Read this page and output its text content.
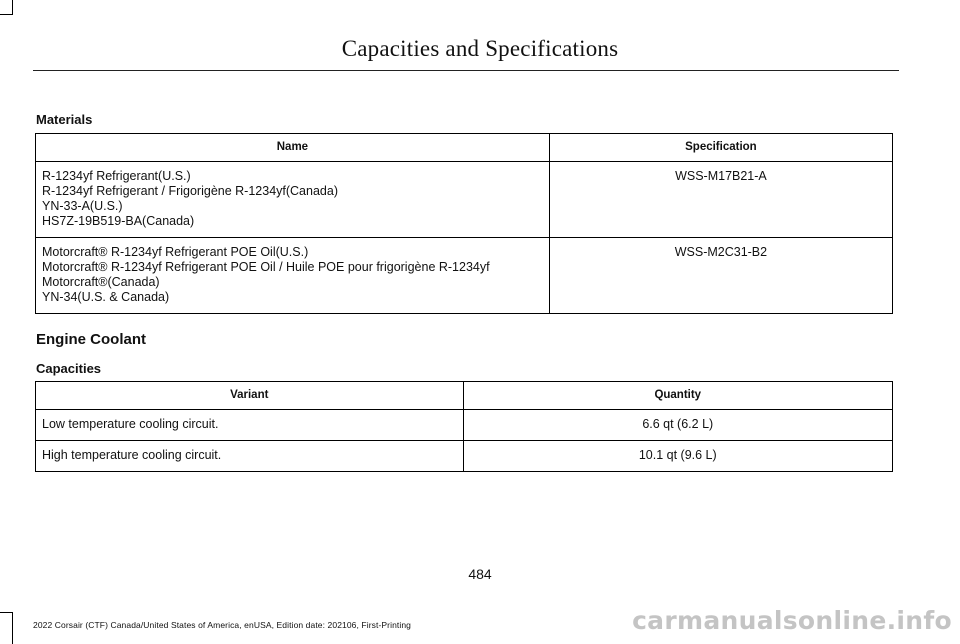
Capacities and Specifications
Materials
Name	Specification

R-1234yf Refrigerant(U.S.)
R-1234yf Refrigerant / Frigorigène R-1234yf(Canada)
YN-33-A(U.S.)
HS7Z-19B519-BA(Canada)	WSS-M17B21-A

Motorcraft® R-1234yf Refrigerant POE Oil(U.S.)
Motorcraft® R-1234yf Refrigerant POE Oil / Huile POE pour frigorigène R-1234yf
Motorcraft®(Canada)
YN-34(U.S. & Canada)	WSS-M2C31-B2
Engine Coolant
Capacities
Variant	Quantity
Low temperature cooling circuit.	6.6 qt (6.2 L)
High temperature cooling circuit.	10.1 qt (9.6 L)
484
2022 Corsair (CTF) Canada/United States of America, enUSA, Edition date: 202106, First-Printing	carmanualsonline.info
